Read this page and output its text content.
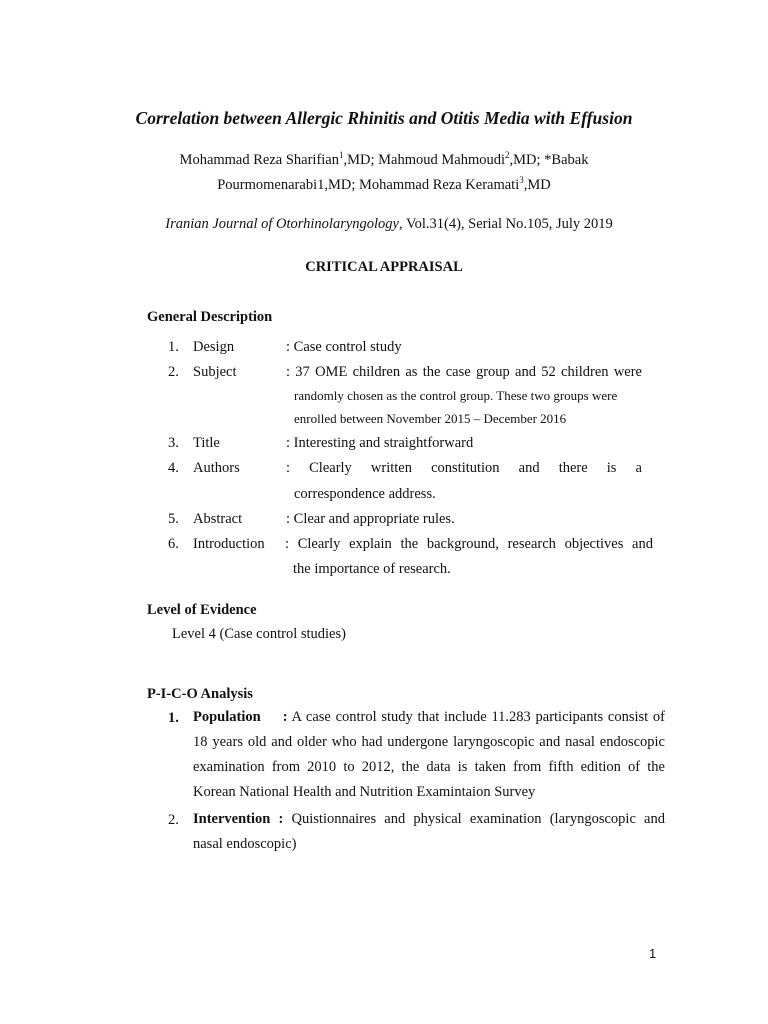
Correlation between Allergic Rhinitis and Otitis Media with Effusion
Mohammad Reza Sharifian$^1$,MD; Mahmoud Mahmoudi$^2$,MD; *Babak
Pourmomenarabi1,MD; Mohammad Reza Keramati$^3$,MD
Iranian Journal of Otorhinolaryngology, Vol.31(4), Serial No.105, July 2019
CRITICAL APPRAISAL
General Description
1. Design	: Case control study
2. Subject	: 37 OME children as the case group and 52 children were
randomly chosen as the control group. These two groups were
enrolled between November 2015 – December 2016
3. Title	: Interesting and straightforward
4. Authors	: Clearly written constitution and there is a
correspondence address.
5. Abstract	: Clear and appropriate rules.
6. Introduction	: Clearly explain the background, research objectives and
the importance of research.
Level of Evidence
Level 4 (Case control studies)
P-I-C-O Analysis
1. Population : A case control study that include 11.283 participants consist of 18 years old and older who had undergone laryngoscopic and nasal endoscopic examination from 2010 to 2012, the data is taken from fifth edition of the Korean National Health and Nutrition Examintaion Survey
2. Intervention : Quistionnaires and physical examination (laryngoscopic and nasal endoscopic)
1
